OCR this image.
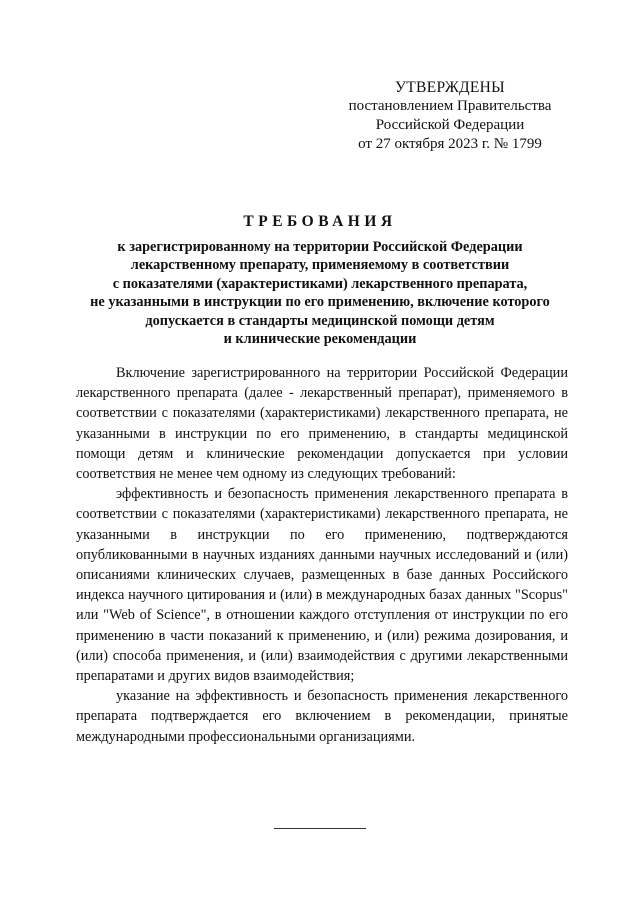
УТВЕРЖДЕНЫ
постановлением Правительства
Российской Федерации
от 27 октября 2023 г. № 1799
ТРЕБОВАНИЯ
к зарегистрированному на территории Российской Федерации
лекарственному препарату, применяемому в соответствии
с показателями (характеристиками) лекарственного препарата,
не указанными в инструкции по его применению, включение которого
допускается в стандарты медицинской помощи детям
и клинические рекомендации

Включение зарегистрированного на территории Российской Федерации лекарственного препарата (далее - лекарственный препарат), применяемого в соответствии с показателями (характеристиками) лекарственного препарата, не указанными в инструкции по его применению, в стандарты медицинской помощи детям и клинические рекомендации допускается при условии соответствия не менее чем одному из следующих требований:

эффективность и безопасность применения лекарственного препарата в соответствии с показателями (характеристиками) лекарственного препарата, не указанными в инструкции по его применению, подтверждаются опубликованными в научных изданиях данными научных исследований и (или) описаниями клинических случаев, размещенных в базе данных Российского индекса научного цитирования и (или) в международных базах данных "Scopus" или "Web of Science", в отношении каждого отступления от инструкции по его применению в части показаний к применению, и (или) режима дозирования, и (или) способа применения, и (или) взаимодействия с другими лекарственными препаратами и других видов взаимодействия;

указание на эффективность и безопасность применения лекарственного препарата подтверждается его включением в рекомендации, принятые международными профессиональными организациями.
